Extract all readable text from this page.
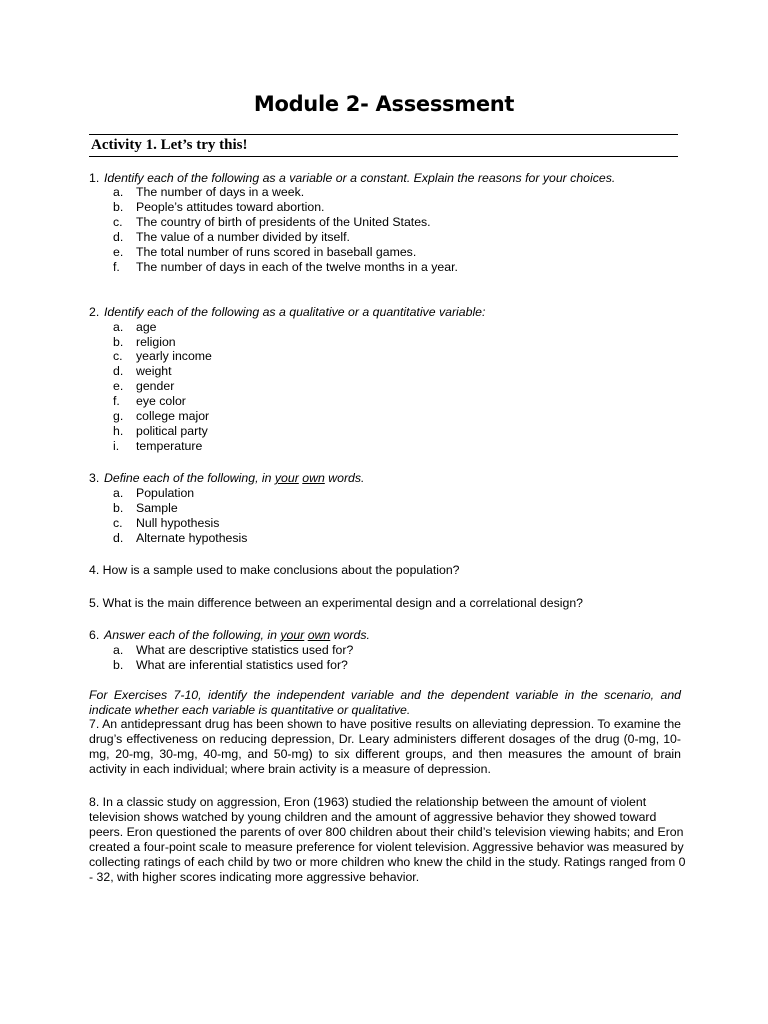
Module 2- Assessment
Activity 1. Let’s try this!
1. Identify each of the following as a variable or a constant. Explain the reasons for your choices.
a. The number of days in a week.
b. People’s attitudes toward abortion.
c. The country of birth of presidents of the United States.
d. The value of a number divided by itself.
e. The total number of runs scored in baseball games.
f. The number of days in each of the twelve months in a year.
2. Identify each of the following as a qualitative or a quantitative variable:
a. age
b. religion
c. yearly income
d. weight
e. gender
f. eye color
g. college major
h. political party
i. temperature
3. Define each of the following, in your own words.
a. Population
b. Sample
c. Null hypothesis
d. Alternate hypothesis
4. How is a sample used to make conclusions about the population?
5. What is the main difference between an experimental design and a correlational design?
6. Answer each of the following, in your own words.
a. What are descriptive statistics used for?
b. What are inferential statistics used for?
For Exercises 7-10, identify the independent variable and the dependent variable in the scenario, and indicate whether each variable is quantitative or qualitative.
7. An antidepressant drug has been shown to have positive results on alleviating depression. To examine the drug’s effectiveness on reducing depression, Dr. Leary administers different dosages of the drug (0-mg, 10-mg, 20-mg, 30-mg, 40-mg, and 50-mg) to six different groups, and then measures the amount of brain activity in each individual; where brain activity is a measure of depression.
8. In a classic study on aggression, Eron (1963) studied the relationship between the amount of violent television shows watched by young children and the amount of aggressive behavior they showed toward peers. Eron questioned the parents of over 800 children about their child’s television viewing habits; and Eron created a four-point scale to measure preference for violent television. Aggressive behavior was measured by collecting ratings of each child by two or more children who knew the child in the study. Ratings ranged from 0 - 32, with higher scores indicating more aggressive behavior.
